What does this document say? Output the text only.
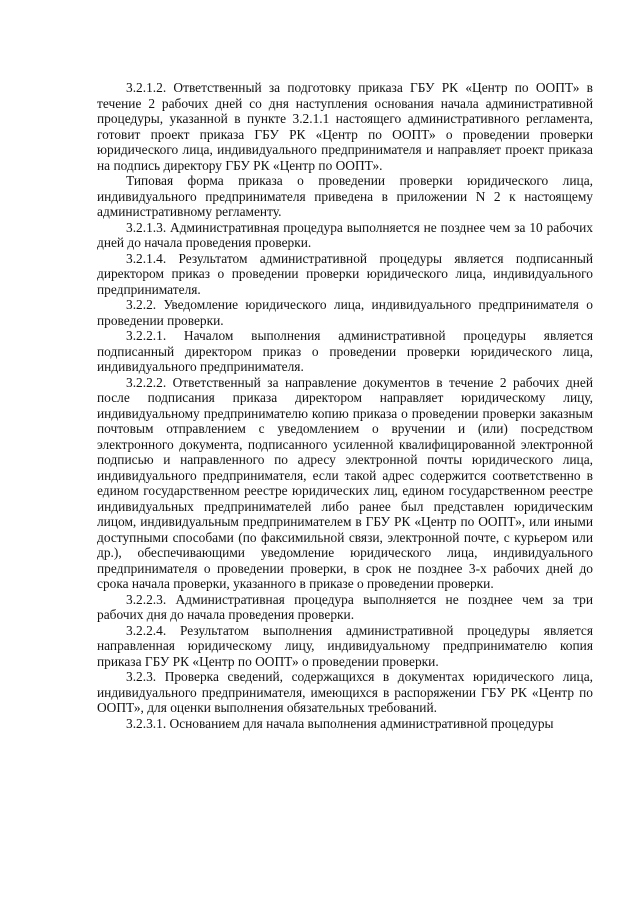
3.2.1.2. Ответственный за подготовку приказа ГБУ РК «Центр по ООПТ» в течение 2 рабочих дней со дня наступления основания начала административной процедуры, указанной в пункте 3.2.1.1 настоящего административного регламента, готовит проект приказа ГБУ РК «Центр по ООПТ» о проведении проверки юридического лица, индивидуального предпринимателя и направляет проект приказа на подпись директору ГБУ РК «Центр по ООПТ».

Типовая форма приказа о проведении проверки юридического лица, индивидуального предпринимателя приведена в приложении N 2 к настоящему административному регламенту.

3.2.1.3. Административная процедура выполняется не позднее чем за 10 рабочих дней до начала проведения проверки.

3.2.1.4. Результатом административной процедуры является подписанный директором приказ о проведении проверки юридического лица, индивидуального предпринимателя.

3.2.2. Уведомление юридического лица, индивидуального предпринимателя о проведении проверки.

3.2.2.1. Началом выполнения административной процедуры является подписанный директором приказ о проведении проверки юридического лица, индивидуального предпринимателя.

3.2.2.2. Ответственный за направление документов в течение 2 рабочих дней после подписания приказа директором направляет юридическому лицу, индивидуальному предпринимателю копию приказа о проведении проверки заказным почтовым отправлением с уведомлением о вручении и (или) посредством электронного документа, подписанного усиленной квалифицированной электронной подписью и направленного по адресу электронной почты юридического лица, индивидуального предпринимателя, если такой адрес содержится соответственно в едином государственном реестре юридических лиц, едином государственном реестре индивидуальных предпринимателей либо ранее был представлен юридическим лицом, индивидуальным предпринимателем в ГБУ РК «Центр по ООПТ», или иными доступными способами (по факсимильной связи, электронной почте, с курьером или др.), обеспечивающими уведомление юридического лица, индивидуального предпринимателя о проведении проверки, в срок не позднее 3-х рабочих дней до срока начала проверки, указанного в приказе о проведении проверки.

3.2.2.3. Административная процедура выполняется не позднее чем за три рабочих дня до начала проведения проверки.

3.2.2.4. Результатом выполнения административной процедуры является направленная юридическому лицу, индивидуальному предпринимателю копия приказа ГБУ РК «Центр по ООПТ» о проведении проверки.

3.2.3. Проверка сведений, содержащихся в документах юридического лица, индивидуального предпринимателя, имеющихся в распоряжении ГБУ РК «Центр по ООПТ», для оценки выполнения обязательных требований.

3.2.3.1. Основанием для начала выполнения административной процедуры
